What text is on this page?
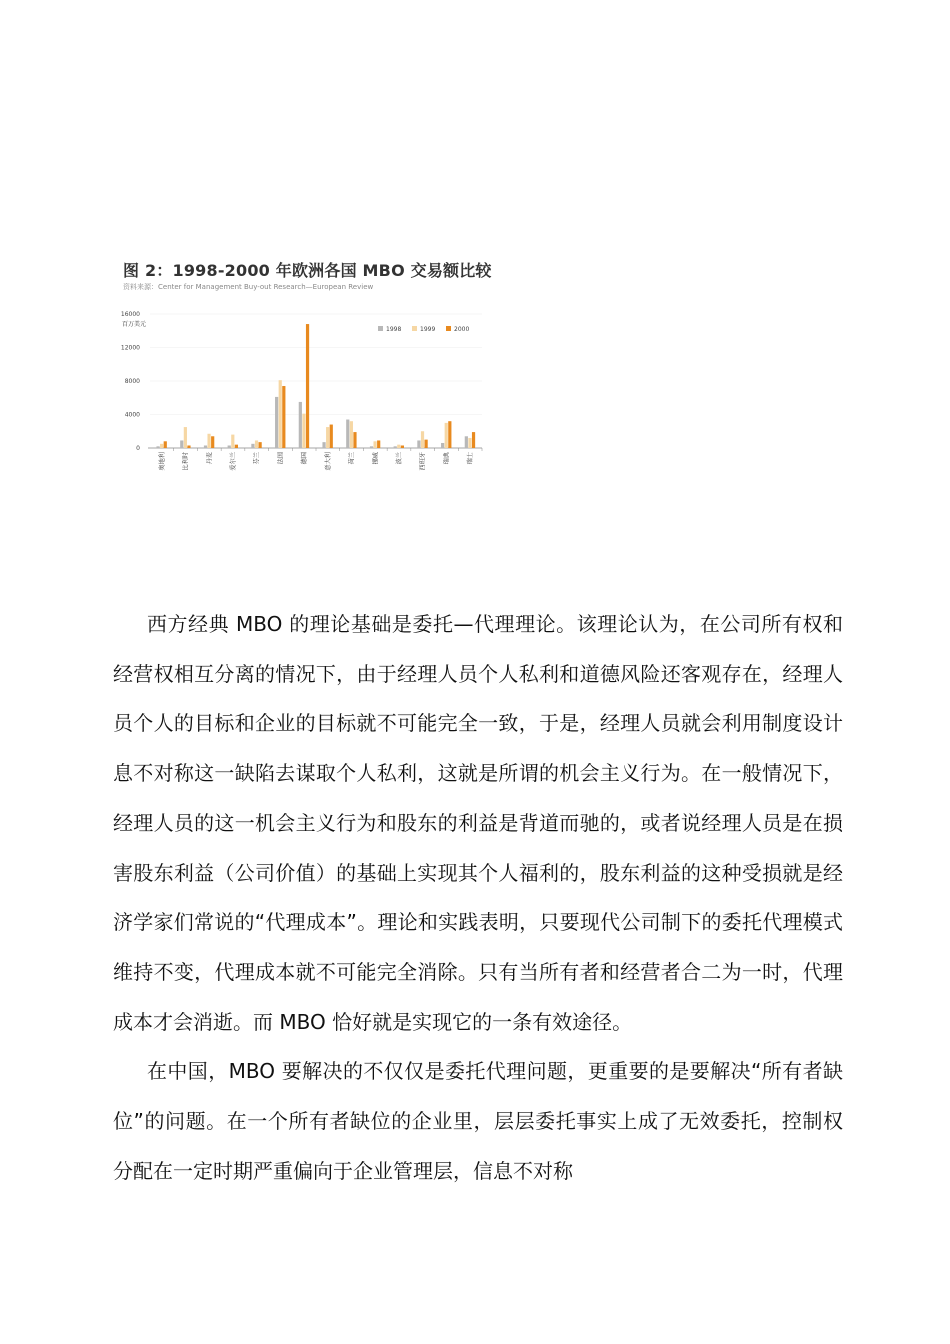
图 2：1998-2000 年欧洲各国 MBO 交易额比较
资料来源：Center for Management Buy-out Research—European Review
16000
12000
8000
4000
0
百万美元
奥地利	比利时	丹麦	爱尔兰	芬兰	法国	德国	意大利	荷兰	挪威	波兰	西班牙	瑞典	瑞士
1998	1999	2000

西方经典 MBO 的理论基础是委托—代理理论。该理论认为，在公司所有权和经营权相互分离的情况下，由于经理人员个人私利和道德风险还客观存在，经理人员个人的目标和企业的目标就不可能完全一致，于是，经理人员就会利用制度设计息不对称这一缺陷去谋取个人私利，这就是所谓的机会主义行为。在一般情况下，经理人员的这一机会主义行为和股东的利益是背道而驰的，或者说经理人员是在损害股东利益（公司价值）的基础上实现其个人福利的，股东利益的这种受损就是经济学家们常说的“代理成本”。理论和实践表明，只要现代公司制下的委托代理模式维持不变，代理成本就不可能完全消除。只有当所有者和经营者合二为一时，代理成本才会消逝。而 MBO 恰好就是实现它的一条有效途径。

在中国，MBO 要解决的不仅仅是委托代理问题，更重要的是要解决“所有者缺位”的问题。在一个所有者缺位的企业里，层层委托事实上成了无效委托，控制权分配在一定时期严重偏向于企业管理层，信息不对称
